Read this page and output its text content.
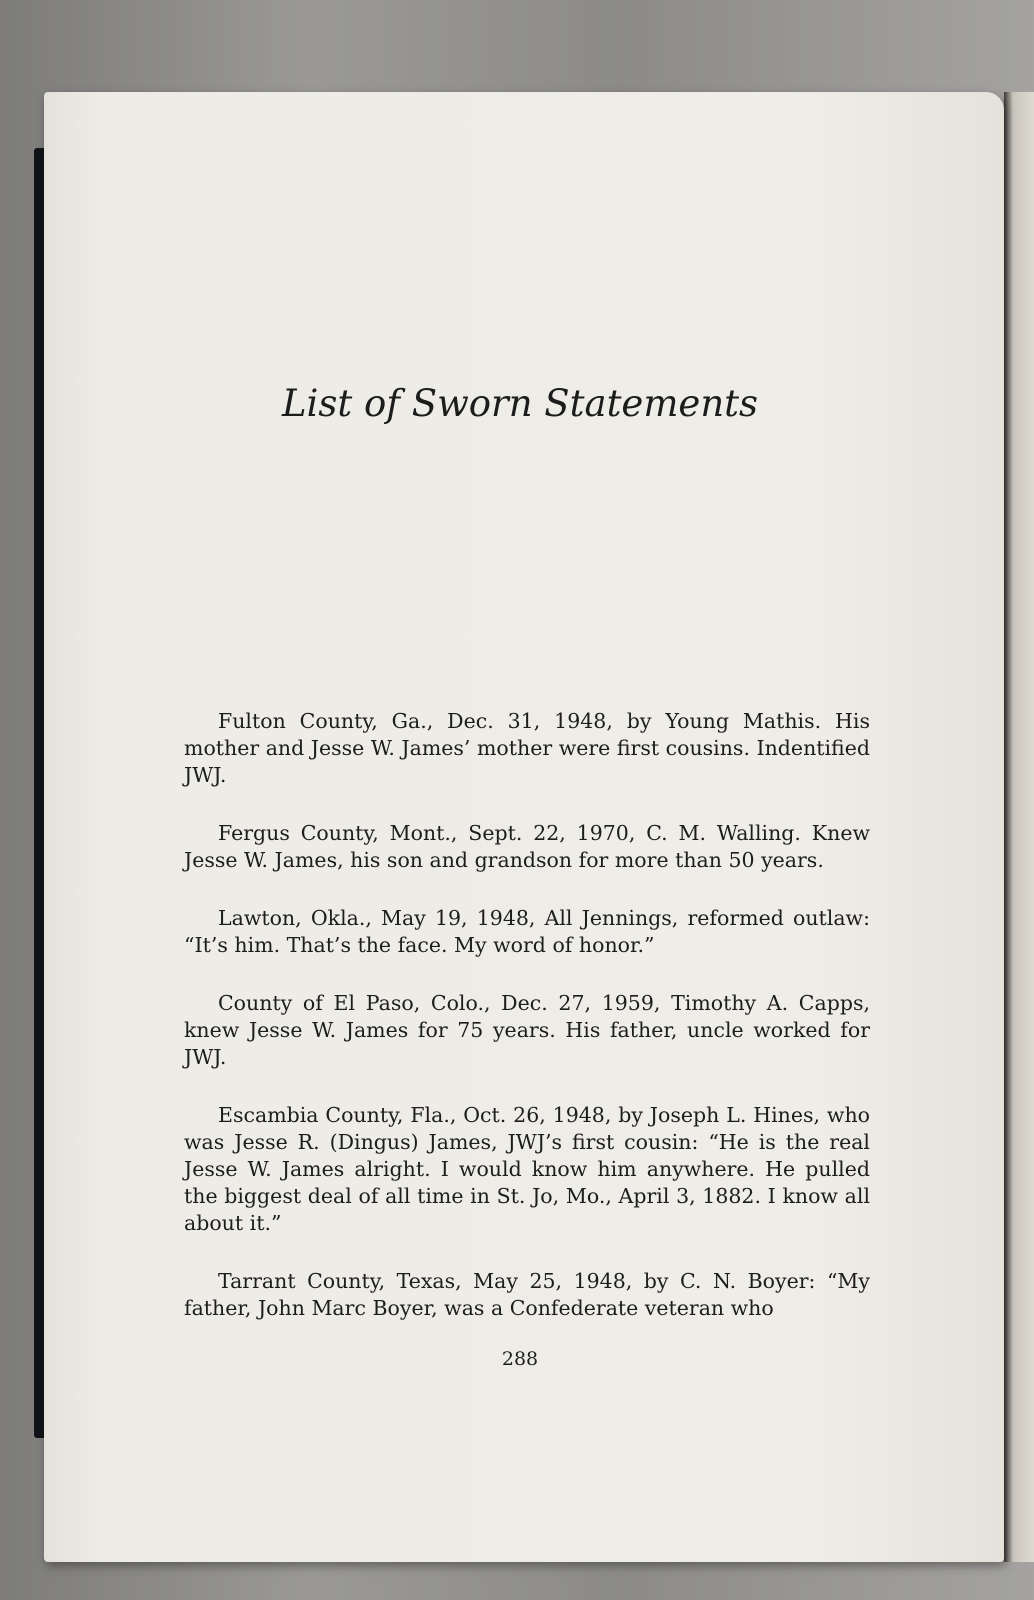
List of Sworn Statements

Fulton County, Ga., Dec. 31, 1948, by Young Mathis. His mother and Jesse W. James’ mother were first cousins. Indentified JWJ.

Fergus County, Mont., Sept. 22, 1970, C. M. Walling. Knew Jesse W. James, his son and grandson for more than 50 years.

Lawton, Okla., May 19, 1948, All Jennings, reformed outlaw: “It’s him. That’s the face. My word of honor.”

County of El Paso, Colo., Dec. 27, 1959, Timothy A. Capps, knew Jesse W. James for 75 years. His father, uncle worked for JWJ.

Escambia County, Fla., Oct. 26, 1948, by Joseph L. Hines, who was Jesse R. (Dingus) James, JWJ’s first cousin: “He is the real Jesse W. James alright. I would know him anywhere. He pulled the biggest deal of all time in St. Jo, Mo., April 3, 1882. I know all about it.”

Tarrant County, Texas, May 25, 1948, by C. N. Boyer: “My father, John Marc Boyer, was a Confederate veteran who

288
